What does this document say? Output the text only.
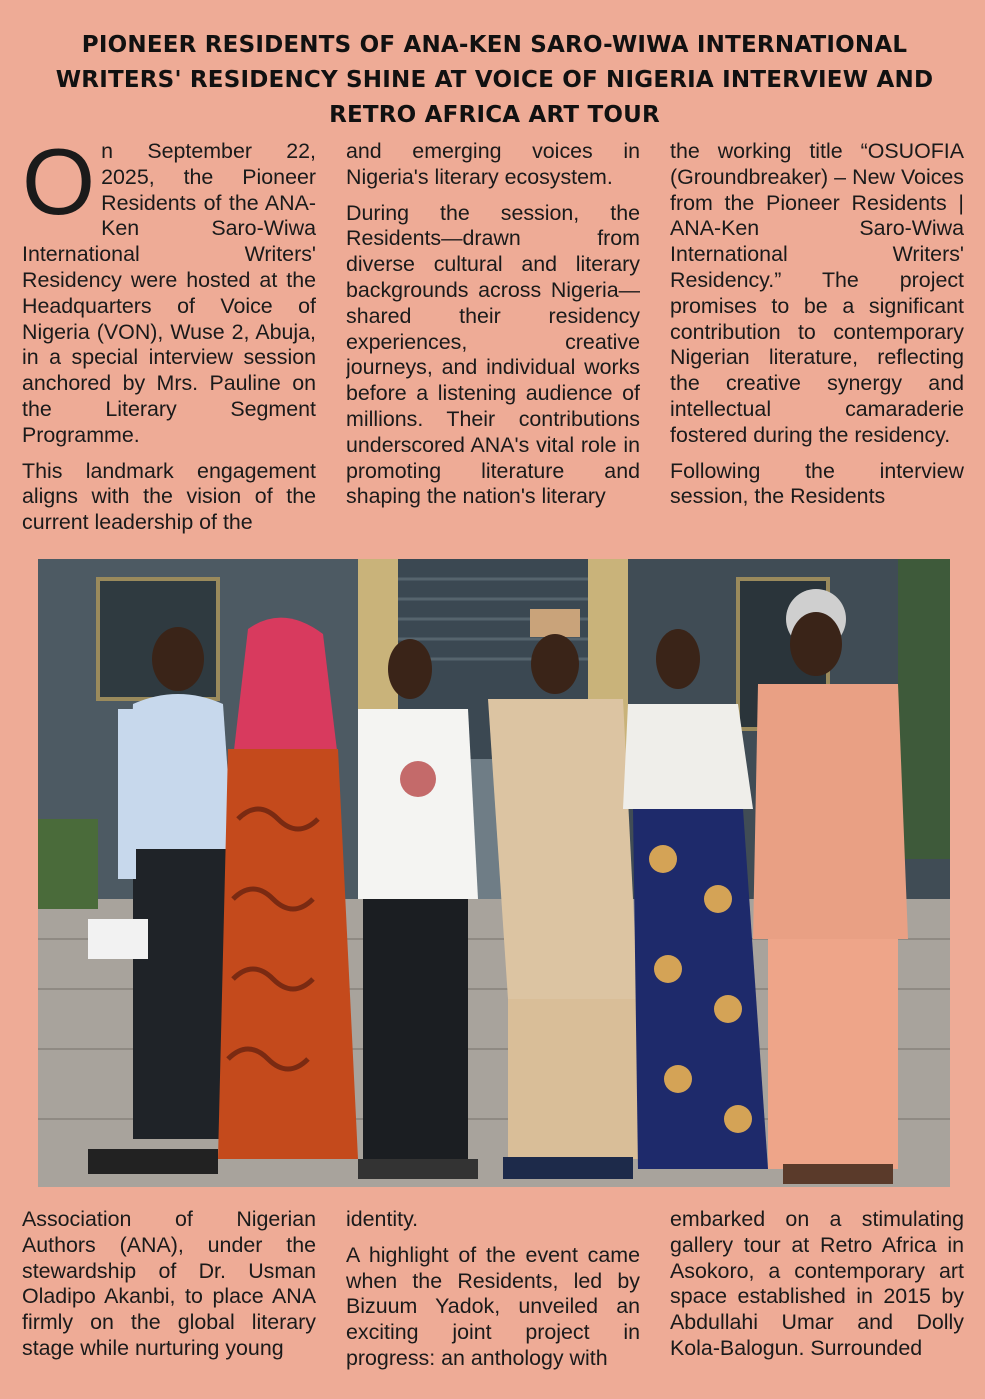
PIONEER RESIDENTS OF ANA-KEN SARO-WIWA INTERNATIONAL WRITERS' RESIDENCY SHINE AT VOICE OF NIGERIA INTERVIEW AND RETRO AFRICA ART TOUR

On September 22, 2025, the Pioneer Residents of the ANA-Ken Saro-Wiwa International Writers' Residency were hosted at the Headquarters of Voice of Nigeria (VON), Wuse 2, Abuja, in a special interview session anchored by Mrs. Pauline on the Literary Segment Programme.

This landmark engagement aligns with the vision of the current leadership of the

and emerging voices in Nigeria's literary ecosystem.

During the session, the Residents—drawn from diverse cultural and literary backgrounds across Nigeria—shared their residency experiences, creative journeys, and individual works before a listening audience of millions. Their contributions underscored ANA's vital role in promoting literature and shaping the nation's literary

the working title “OSUOFIA (Groundbreaker) – New Voices from the Pioneer Residents | ANA-Ken Saro-Wiwa International Writers' Residency.” The project promises to be a significant contribution to contemporary Nigerian literature, reflecting the creative synergy and intellectual camaraderie fostered during the residency.

Following the interview session, the Residents

Association of Nigerian Authors (ANA), under the stewardship of Dr. Usman Oladipo Akanbi, to place ANA firmly on the global literary stage while nurturing young

identity.

A highlight of the event came when the Residents, led by Bizuum Yadok, unveiled an exciting joint project in progress: an anthology with

embarked on a stimulating gallery tour at Retro Africa in Asokoro, a contemporary art space established in 2015 by Abdullahi Umar and Dolly Kola-Balogun. Surrounded
